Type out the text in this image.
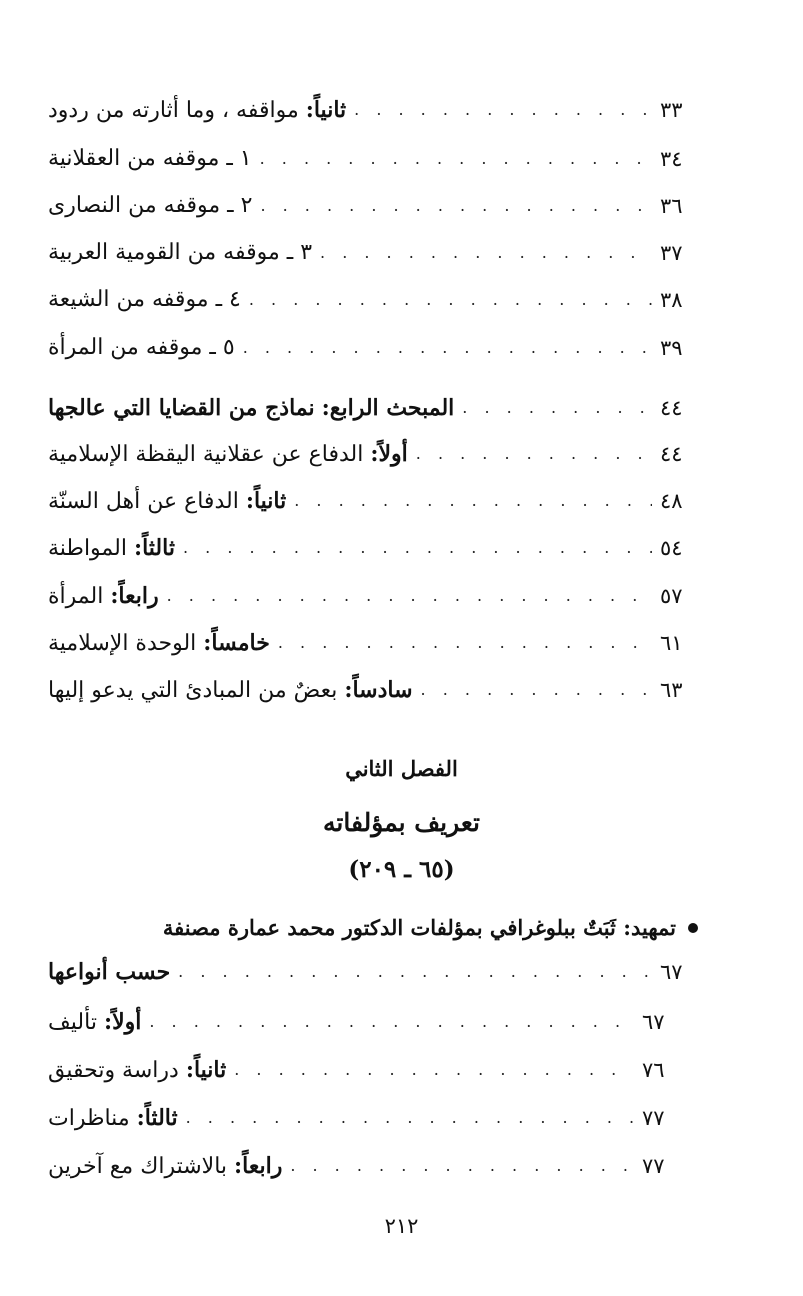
ثانياً: مواقفه ، وما أثارته من ردود . . .	٣٣
١ ـ موقفه من العقلانية . . .	٣٤
٢ ـ موقفه من النصارى . . .	٣٦
٣ ـ موقفه من القومية العربية . . .	٣٧
٤ ـ موقفه من الشيعة . . .	٣٨
٥ ـ موقفه من المرأة . . .	٣٩
المبحث الرابع: نماذج من القضايا التي عالجها . . .	٤٤
أولاً: الدفاع عن عقلانية اليقظة الإسلامية . . .	٤٤
ثانياً: الدفاع عن أهل السنّة . . .	٤٨
ثالثاً: المواطنة . . .	٥٤
رابعاً: المرأة . . .	٥٧
خامساً: الوحدة الإسلامية . . .	٦١
سادساً: بعضٌ من المبادئ التي يدعو إليها . . .	٦٣
الفصل الثاني
تعريف بمؤلفاته
(٦٥ ـ ٢٠٩)
تمهيد:

ثَبَتٌ ببلوغرافي بمؤلفات الدكتور محمد عمارة مصنفة
حسب أنواعها . . .	٦٧
أولاً: تأليف . . .	٦٧
ثانياً: دراسة وتحقيق . . .	٧٦
ثالثاً: مناظرات . . .	٧٧
رابعاً: بالاشتراك مع آخرين . . .	٧٧
٢١٢
